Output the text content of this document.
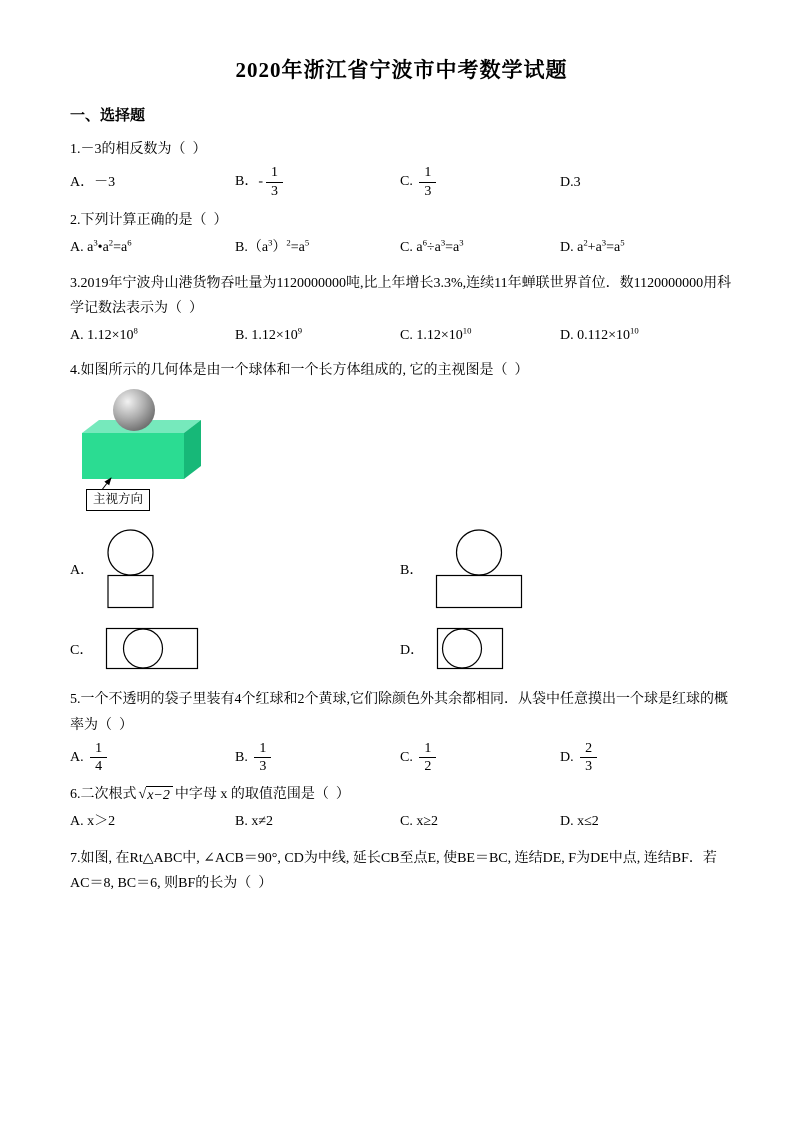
2020年浙江省宁波市中考数学试题
一、选择题
1.－3的相反数为（  ）
A．－3	B．- $\frac{1}{3}$	C. $\frac{1}{3}$	D.3
2.下列计算正确的是（  ）
A. $a^3•a^2=a^6$	$B.(a^3)^2=a^5$	C. $a^6\div a^3=a^3$	D. $a^2+a^3=a^5$
3.2019年宁波舟山港货物吞吐量为1120000000吨,比上年增长3.3%,连续11年蝉联世界首位．数1120000000用科学记数法表示为（  ）
A. $1.12\times 10^8$	B. $1.12\times 10^9$	C. $1.12\times 10^{10}$	D. $0.112\times 10^{10}$
4.如图所示的几何体是由一个球体和一个长方体组成的, 它的主视图是（  ）
主视方向
A．	B．
C．	D．
5.一个不透明的袋子里装有4个红球和2个黄球,它们除颜色外其余都相同．从袋中任意摸出一个球是红球的概率为（  ）
A. $\frac{1}{4}$	B. $\frac{1}{3}$	C. $\frac{1}{2}$	D. $\frac{2}{3}$
6.二次根式 √ x−2 中字母 x 的取值范围是（  ）
A. x＞2	B. x≠2	C. x≥2	D. x≤2
7.如图, 在Rt△ABC中, ∠ACB＝90°, CD为中线, 延长CB至点E, 使BE＝BC, 连结DE, F为DE中点, 连结BF．若AC＝8, BC＝6, 则BF的长为（  ）
